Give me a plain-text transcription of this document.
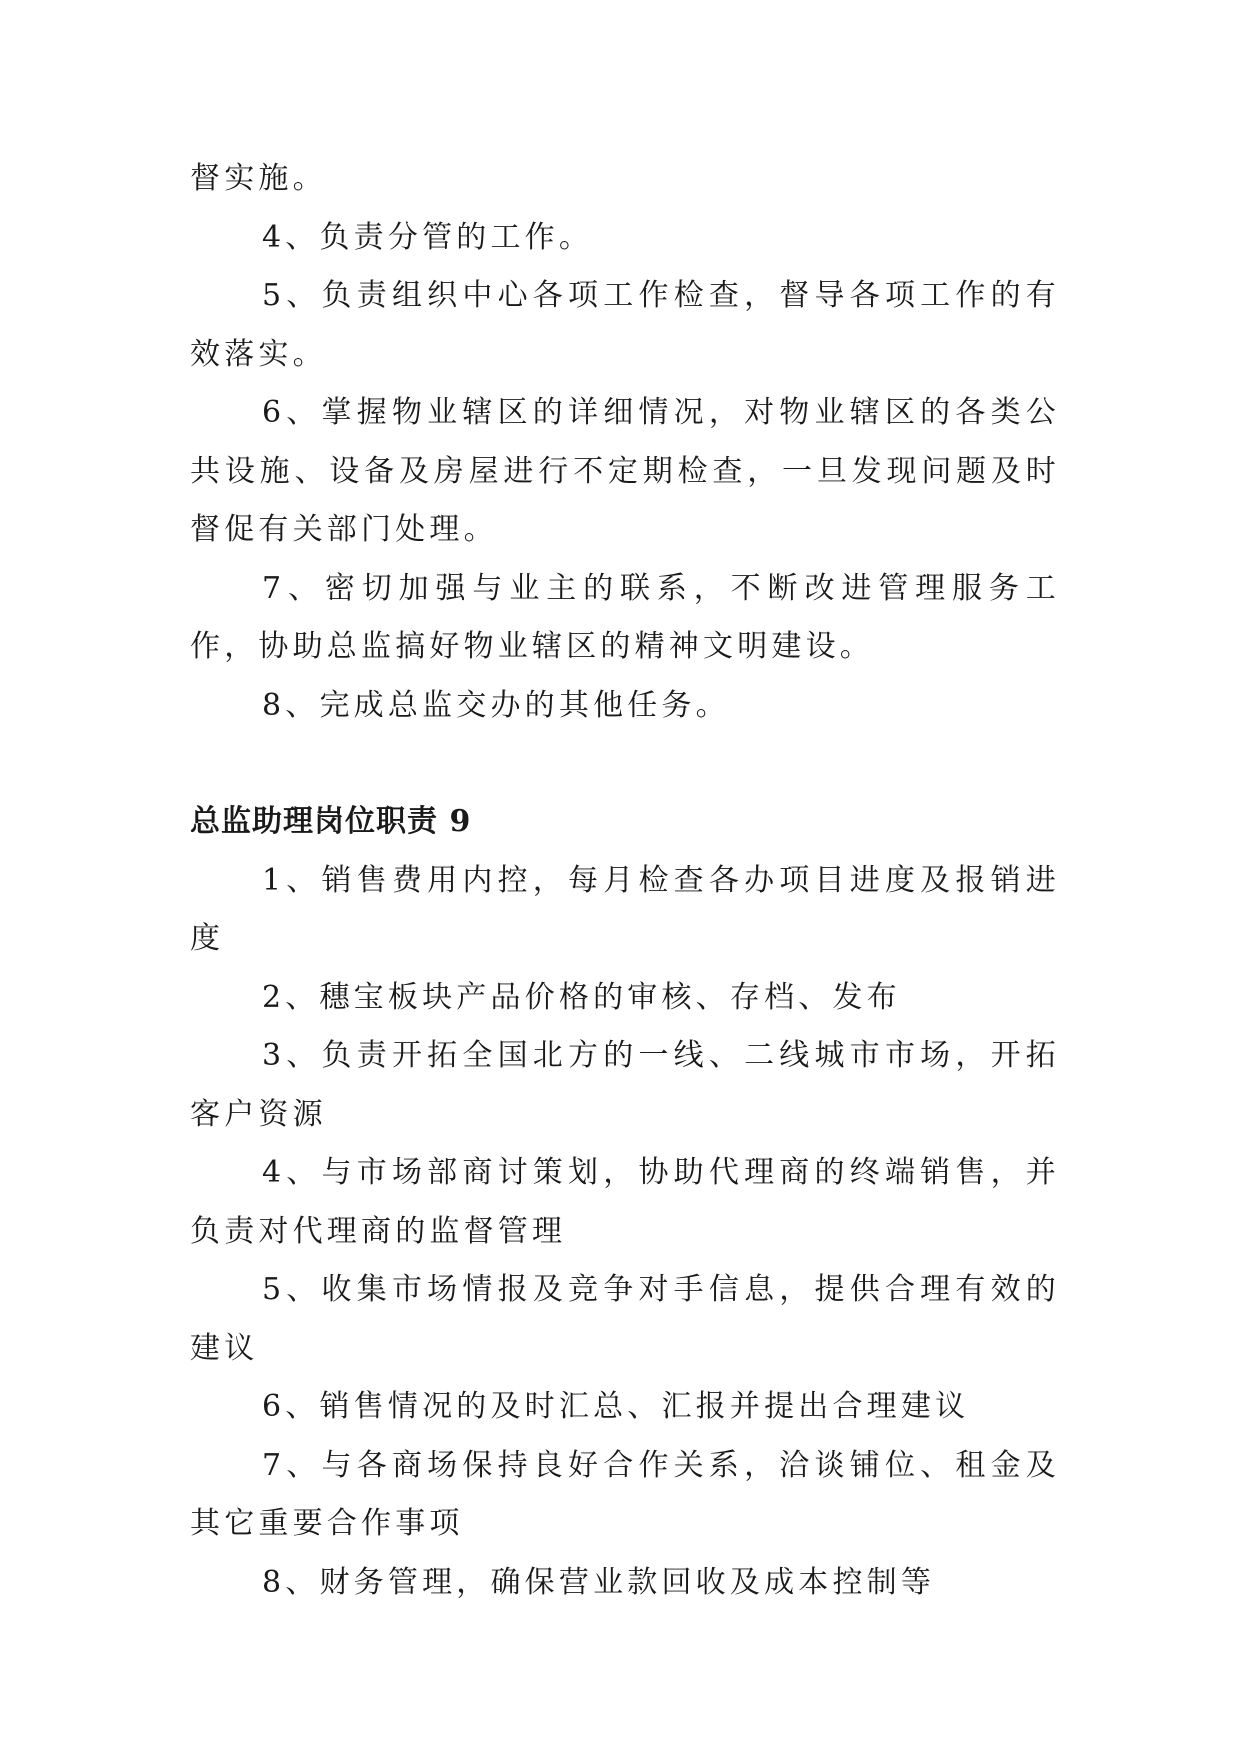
督实施。

4、负责分管的工作。

5、负责组织中心各项工作检查，督导各项工作的有效落实。

6、掌握物业辖区的详细情况，对物业辖区的各类公共设施、设备及房屋进行不定期检查，一旦发现问题及时督促有关部门处理。

7、密切加强与业主的联系，不断改进管理服务工作，协助总监搞好物业辖区的精神文明建设。

8、完成总监交办的其他任务。

总监助理岗位职责 9

1、销售费用内控，每月检查各办项目进度及报销进度

2、穗宝板块产品价格的审核、存档、发布

3、负责开拓全国北方的一线、二线城市市场，开拓客户资源

4、与市场部商讨策划，协助代理商的终端销售，并负责对代理商的监督管理

5、收集市场情报及竞争对手信息，提供合理有效的建议

6、销售情况的及时汇总、汇报并提出合理建议

7、与各商场保持良好合作关系，洽谈铺位、租金及其它重要合作事项

8、财务管理，确保营业款回收及成本控制等
